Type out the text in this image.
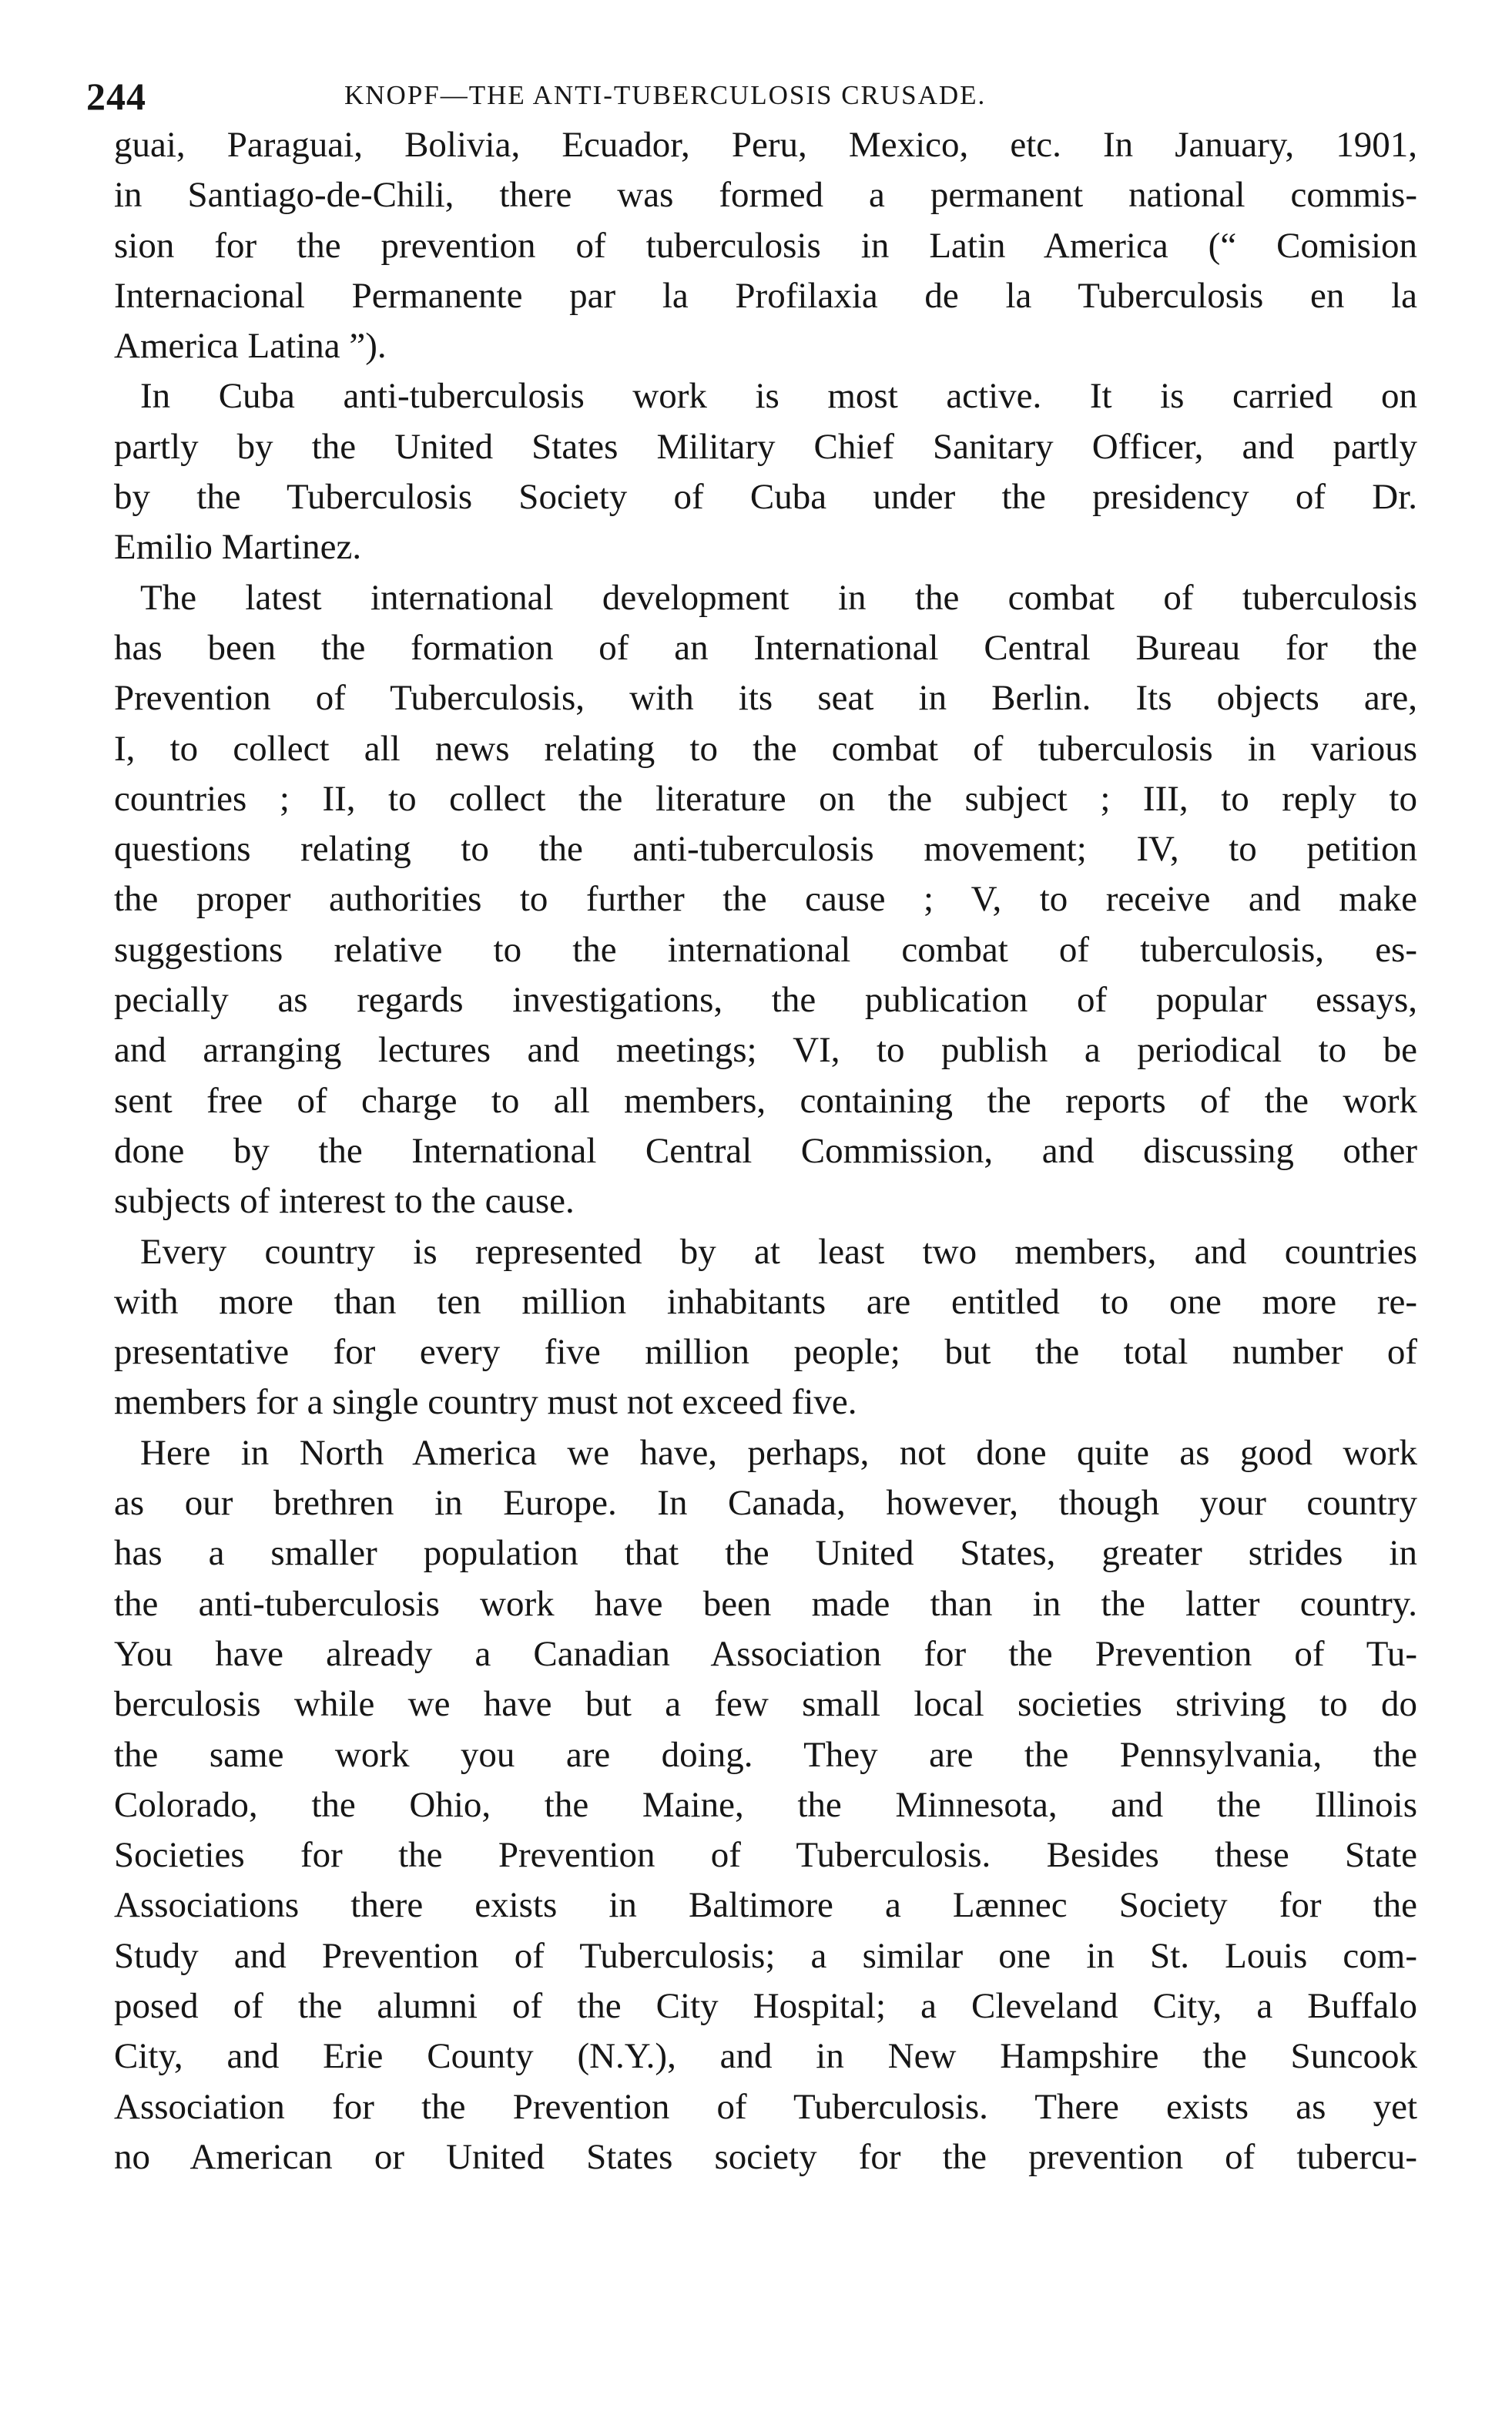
244	KNOPF—THE ANTI-TUBERCULOSIS CRUSADE.
guai, Paraguai, Bolivia, Ecuador, Peru, Mexico, etc. In January, 1901,
in Santiago-de-Chili, there was formed a permanent national commis-
sion for the prevention of tuberculosis in Latin America (“ Comision
Internacional Permanente par la Profilaxia de la Tuberculosis en la
America Latina ”).
In Cuba anti-tuberculosis work is most active. It is carried on
partly by the United States Military Chief Sanitary Officer, and partly
by the Tuberculosis Society of Cuba under the presidency of Dr.
Emilio Martinez.
The latest international development in the combat of tuberculosis
has been the formation of an International Central Bureau for the
Prevention of Tuberculosis, with its seat in Berlin. Its objects are,
I, to collect all news relating to the combat of tuberculosis in various
countries ; II, to collect the literature on the subject ; III, to reply to
questions relating to the anti-tuberculosis movement; IV, to petition
the proper authorities to further the cause ; V, to receive and make
suggestions relative to the international combat of tuberculosis, es-
pecially as regards investigations, the publication of popular essays,
and arranging lectures and meetings; VI, to publish a periodical to be
sent free of charge to all members, containing the reports of the work
done by the International Central Commission, and discussing other
subjects of interest to the cause.
Every country is represented by at least two members, and countries
with more than ten million inhabitants are entitled to one more re-
presentative for every five million people; but the total number of
members for a single country must not exceed five.
Here in North America we have, perhaps, not done quite as good work
as our brethren in Europe. In Canada, however, though your country
has a smaller population that the United States, greater strides in
the anti-tuberculosis work have been made than in the latter country.
You have already a Canadian Association for the Prevention of Tu-
berculosis while we have but a few small local societies striving to do
the same work you are doing. They are the Pennsylvania, the
Colorado, the Ohio, the Maine, the Minnesota, and the Illinois
Societies for the Prevention of Tuberculosis. Besides these State
Associations there exists in Baltimore a Lænnec Society for the
Study and Prevention of Tuberculosis; a similar one in St. Louis com-
posed of the alumni of the City Hospital; a Cleveland City, a Buffalo
City, and Erie County (N.Y.), and in New Hampshire the Suncook
Association for the Prevention of Tuberculosis. There exists as yet
no American or United States society for the prevention of tubercu-
